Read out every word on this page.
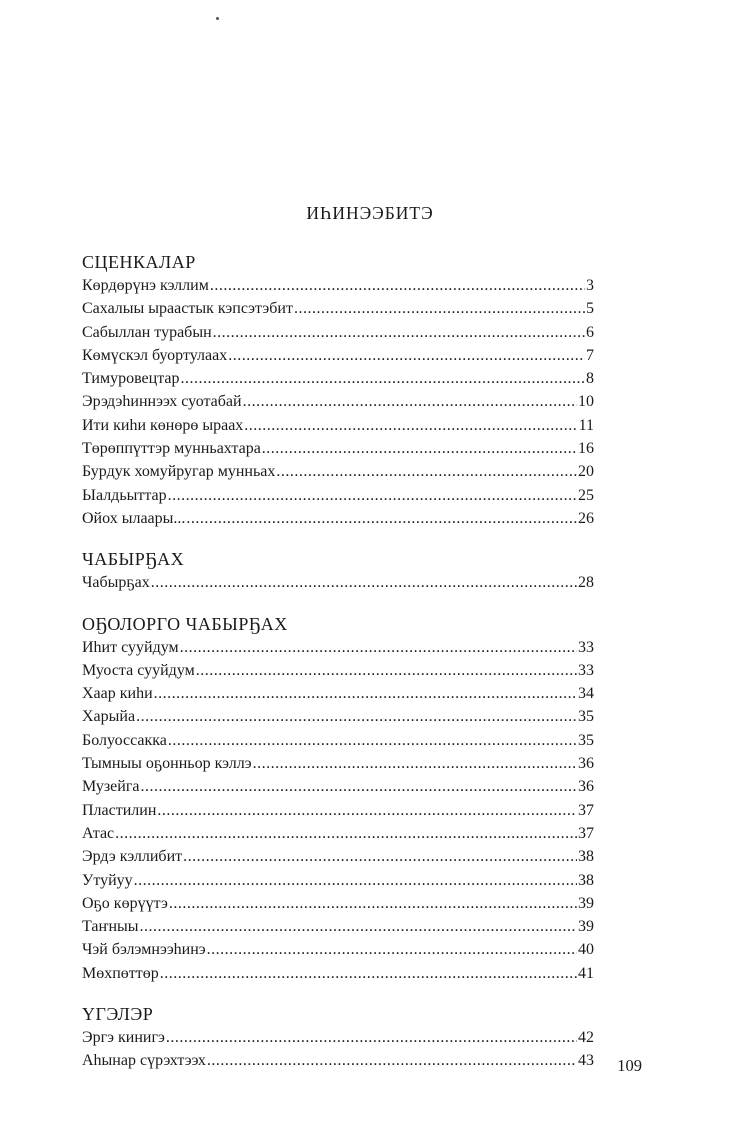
ИҺИНЭЭБИТЭ
СЦЕНКАЛАР
Көрдөрүнэ кэллим .....	3
Сахалыы ыраастык кэпсэтэбит .....	5
Сабыллан турабын .....	6
Көмүскэл буортулаах .....	7
Тимуровецтар .....	8
Эрэдэһиннээх суотабай .....	10
Ити киһи көнөрө ыраах .....	11
Төрөппүттэр мунньахтара .....	16
Бурдук хомуйругар мунньах .....	20
Ыалдьыттар .....	25
Ойох ылаары... .....	26
ЧАБЫРҔАХ
Чабырҕах .....	28
ОҔОЛОРГО ЧАБЫРҔАХ
Иһит сууйдум .....	33
Муоста сууйдум .....	33
Хаар киһи .....	34
Харыйа .....	35
Болуоссакка .....	35
Тымныы оҕонньор кэллэ .....	36
Музейга .....	36
Пластилин .....	37
Атас .....	37
Эрдэ кэллибит .....	38
Утуйуу .....	38
Оҕо көрүүтэ .....	39
Таҥныы .....	39
Чэй бэлэмнээһинэ .....	40
Мөхпөттөр .....	41
ҮГЭЛЭР
Эргэ кинигэ .....	42
Аһынар сүрэхтээх .....	43 109
